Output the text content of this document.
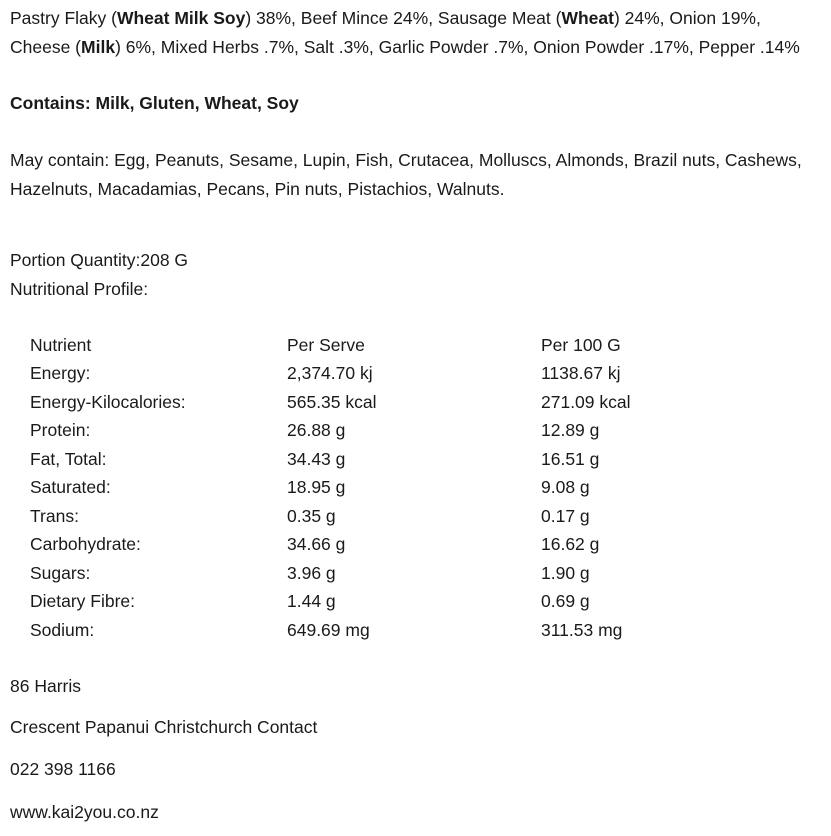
Pastry Flaky (Wheat Milk Soy) 38%, Beef Mince 24%, Sausage Meat (Wheat) 24%, Onion 19%,
Cheese (Milk) 6%, Mixed Herbs .7%, Salt .3%, Garlic Powder .7%, Onion Powder .17%, Pepper .14%
Contains: Milk, Gluten, Wheat, Soy
May contain: Egg, Peanuts, Sesame, Lupin, Fish, Crutacea, Molluscs, Almonds, Brazil nuts, Cashews,
Hazelnuts, Macadamias, Pecans, Pin nuts, Pistachios, Walnuts.
Portion Quantity:208 G
Nutritional Profile:
Nutrient	Per Serve	Per 100 G
Energy:	2,374.70 kj	1138.67 kj
Energy-Kilocalories:	565.35 kcal	271.09 kcal
Protein:	26.88 g	12.89 g
Fat, Total:	34.43 g	16.51 g
Saturated:	18.95 g	9.08 g
Trans:	0.35 g	0.17 g
Carbohydrate:	34.66 g	16.62 g
Sugars:	3.96 g	1.90 g
Dietary Fibre:	1.44 g	0.69 g
Sodium:	649.69 mg	311.53 mg
86 Harris
Crescent Papanui Christchurch Contact
022 398 1166
www.kai2you.co.nz
